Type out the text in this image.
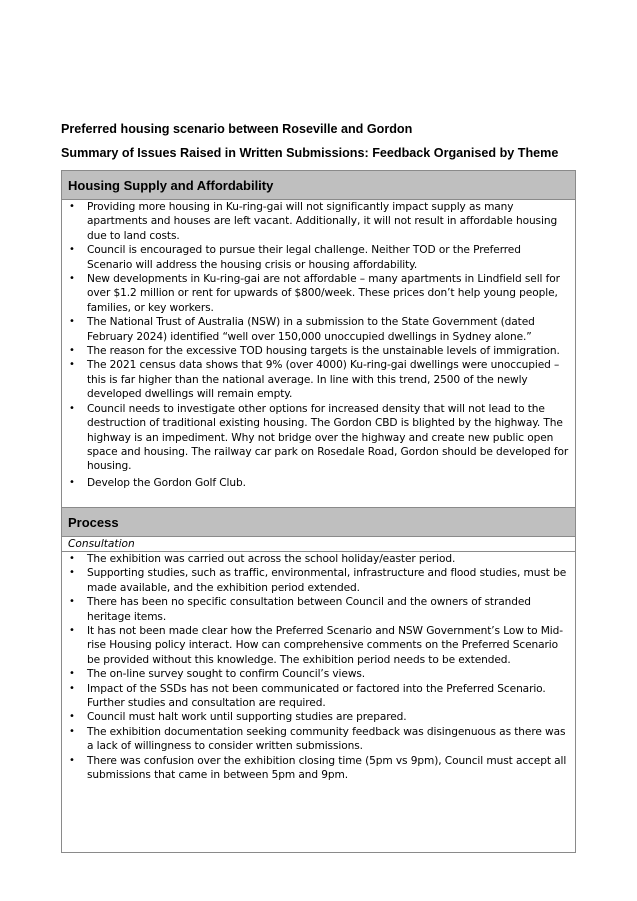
Preferred housing scenario between Roseville and Gordon
Summary of Issues Raised in Written Submissions: Feedback Organised by Theme
Housing Supply and Affordability
• Providing more housing in Ku-ring-gai will not significantly impact supply as many apartments and houses are left vacant. Additionally, it will not result in affordable housing due to land costs.
• Council is encouraged to pursue their legal challenge. Neither TOD or the Preferred Scenario will address the housing crisis or housing affordability.
• New developments in Ku-ring-gai are not affordable – many apartments in Lindfield sell for over $1.2 million or rent for upwards of $800/week. These prices don’t help young people, families, or key workers.
• The National Trust of Australia (NSW) in a submission to the State Government (dated February 2024) identified “well over 150,000 unoccupied dwellings in Sydney alone.”
• The reason for the excessive TOD housing targets is the unstainable levels of immigration.
• The 2021 census data shows that 9% (over 4000) Ku-ring-gai dwellings were unoccupied – this is far higher than the national average. In line with this trend, 2500 of the newly developed dwellings will remain empty.
• Council needs to investigate other options for increased density that will not lead to the destruction of traditional existing housing. The Gordon CBD is blighted by the highway. The highway is an impediment. Why not bridge over the highway and create new public open space and housing. The railway car park on Rosedale Road, Gordon should be developed for housing.
• Develop the Gordon Golf Club.
Process
Consultation
• The exhibition was carried out across the school holiday/easter period.
• Supporting studies, such as traffic, environmental, infrastructure and flood studies, must be made available, and the exhibition period extended.
• There has been no specific consultation between Council and the owners of stranded heritage items.
• It has not been made clear how the Preferred Scenario and NSW Government’s Low to Mid-rise Housing policy interact. How can comprehensive comments on the Preferred Scenario be provided without this knowledge. The exhibition period needs to be extended.
• The on-line survey sought to confirm Council’s views.
• Impact of the SSDs has not been communicated or factored into the Preferred Scenario. Further studies and consultation are required.
• Council must halt work until supporting studies are prepared.
• The exhibition documentation seeking community feedback was disingenuous as there was a lack of willingness to consider written submissions.
• There was confusion over the exhibition closing time (5pm vs 9pm), Council must accept all submissions that came in between 5pm and 9pm.
